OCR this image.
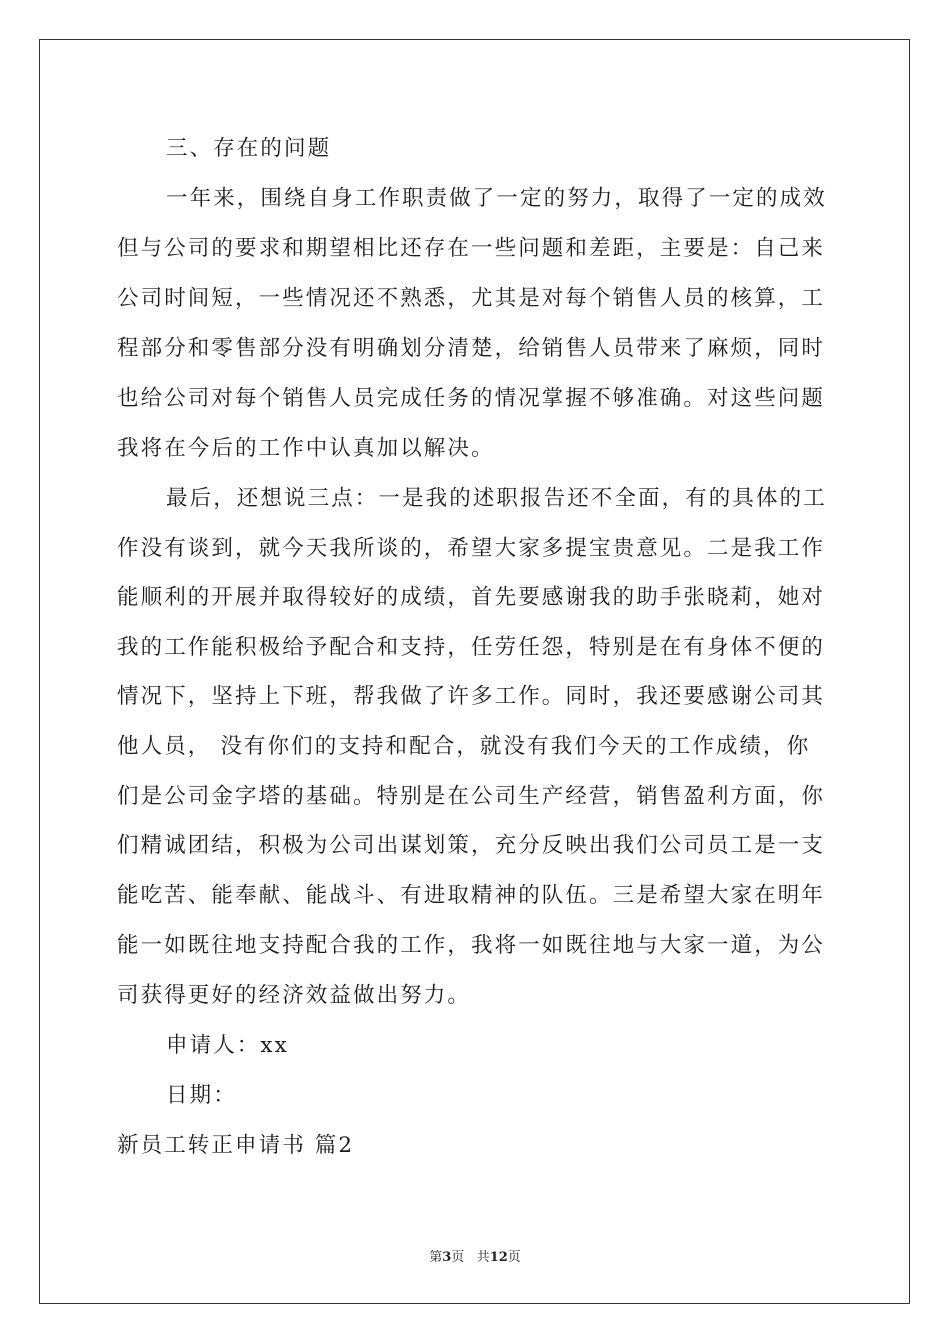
三、存在的问题
一年来，围绕自身工作职责做了一定的努力，取得了一定的成效
但与公司的要求和期望相比还存在一些问题和差距，主要是：自己来
公司时间短，一些情况还不熟悉，尤其是对每个销售人员的核算，工
程部分和零售部分没有明确划分清楚，给销售人员带来了麻烦，同时
也给公司对每个销售人员完成任务的情况掌握不够准确。对这些问题
我将在今后的工作中认真加以解决。
最后，还想说三点：一是我的述职报告还不全面，有的具体的工
作没有谈到，就今天我所谈的，希望大家多提宝贵意见。二是我工作
能顺利的开展并取得较好的成绩，首先要感谢我的助手张晓莉，她对
我的工作能积极给予配合和支持，任劳任怨，特别是在有身体不便的
情况下，坚持上下班，帮我做了许多工作。同时，我还要感谢公司其
他人员， 没有你们的支持和配合，就没有我们今天的工作成绩，你
们是公司金字塔的基础。特别是在公司生产经营，销售盈利方面，你
们精诚团结，积极为公司出谋划策，充分反映出我们公司员工是一支
能吃苦、能奉献、能战斗、有进取精神的队伍。三是希望大家在明年
能一如既往地支持配合我的工作，我将一如既往地与大家一道，为公
司获得更好的经济效益做出努力。
申请人：xx
日期：
新员工转正申请书 篇2
第3页 共12页
